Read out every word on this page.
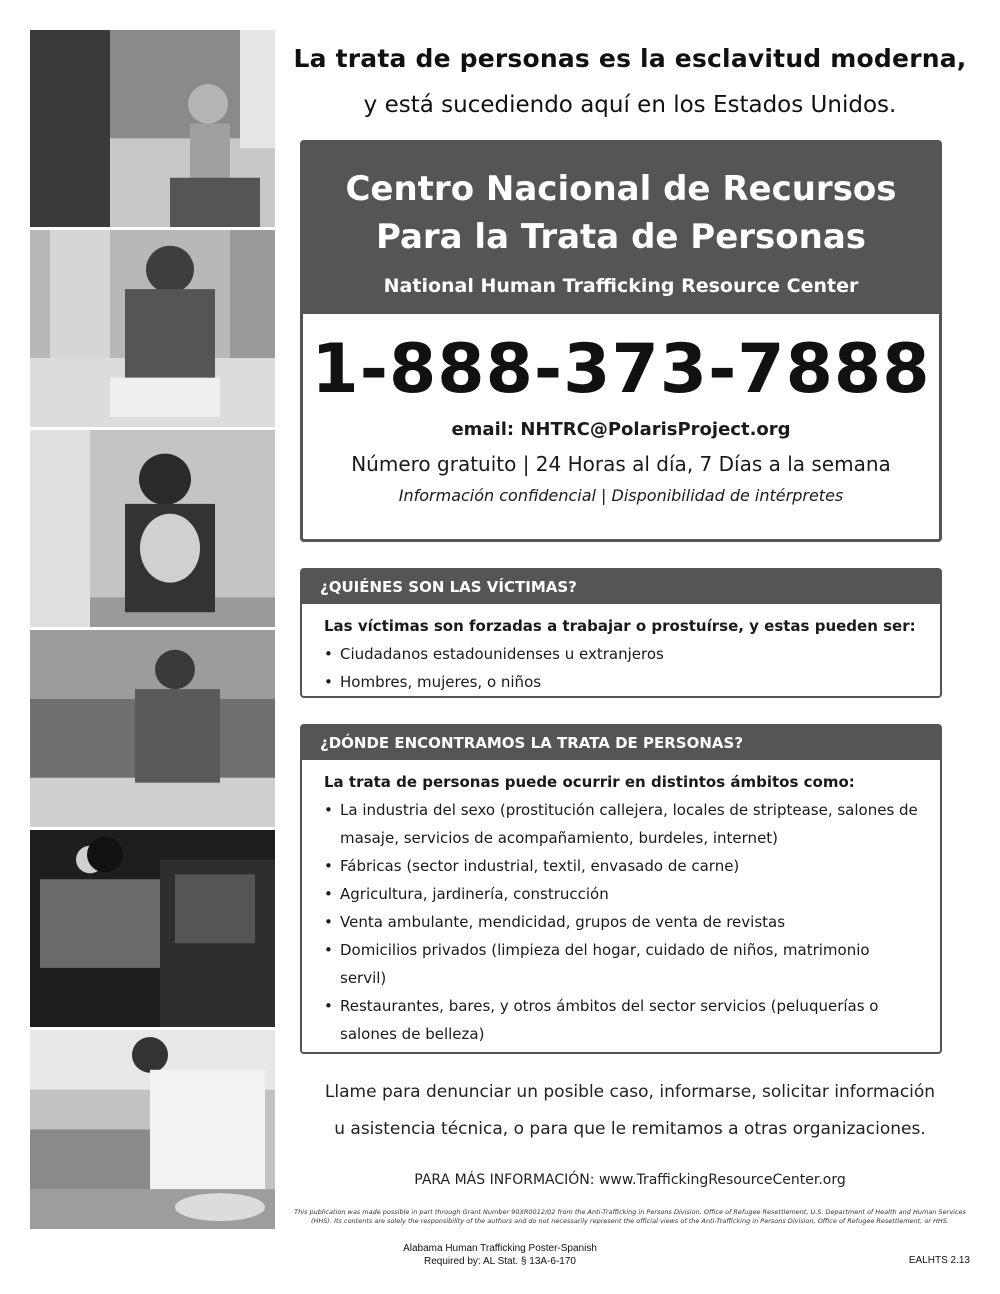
La trata de personas es la esclavitud moderna,
y está sucediendo aquí en los Estados Unidos.
Centro Nacional de Recursos
Para la Trata de Personas
National Human Trafficking Resource Center
1-888-373-7888
email: NHTRC@PolarisProject.org
Número gratuito | 24 Horas al día, 7 Días a la semana
Información confidencial | Disponibilidad de intérpretes
¿QUIÉNES SON LAS VÍCTIMAS?
Las víctimas son forzadas a trabajar o prostuírse, y estas pueden ser:
• Ciudadanos estadounidenses u extranjeros
• Hombres, mujeres, o niños
¿DÓNDE ENCONTRAMOS LA TRATA DE PERSONAS?
La trata de personas puede ocurrir en distintos ámbitos como:
• La industria del sexo (prostitución callejera, locales de striptease, salones de masaje, servicios de acompañamiento, burdeles, internet)
• Fábricas (sector industrial, textil, envasado de carne)
• Agricultura, jardinería, construcción
• Venta ambulante, mendicidad, grupos de venta de revistas
• Domicilios privados (limpieza del hogar, cuidado de niños, matrimonio servil)
• Restaurantes, bares, y otros ámbitos del sector servicios (peluquerías o salones de belleza)
Llame para denunciar un posible caso, informarse, solicitar información
u asistencia técnica, o para que le remitamos a otras organizaciones.
PARA MÁS INFORMACIÓN: www.TraffickingResourceCenter.org
This publication was made possible in part through Grant Number 90XR0012/02 from the Anti-Trafficking in Persons Division, Office of Refugee Resettlement, U.S. Department of Health and Human Services (HHS). Its contents are solely the responsibility of the authors and do not necessarily represent the official views of the Anti-Trafficking in Persons Division, Office of Refugee Resettlement, or HHS.
Alabama Human Trafficking Poster-Spanish
Required by: AL Stat. § 13A-6-170	EALHTS 2.13
